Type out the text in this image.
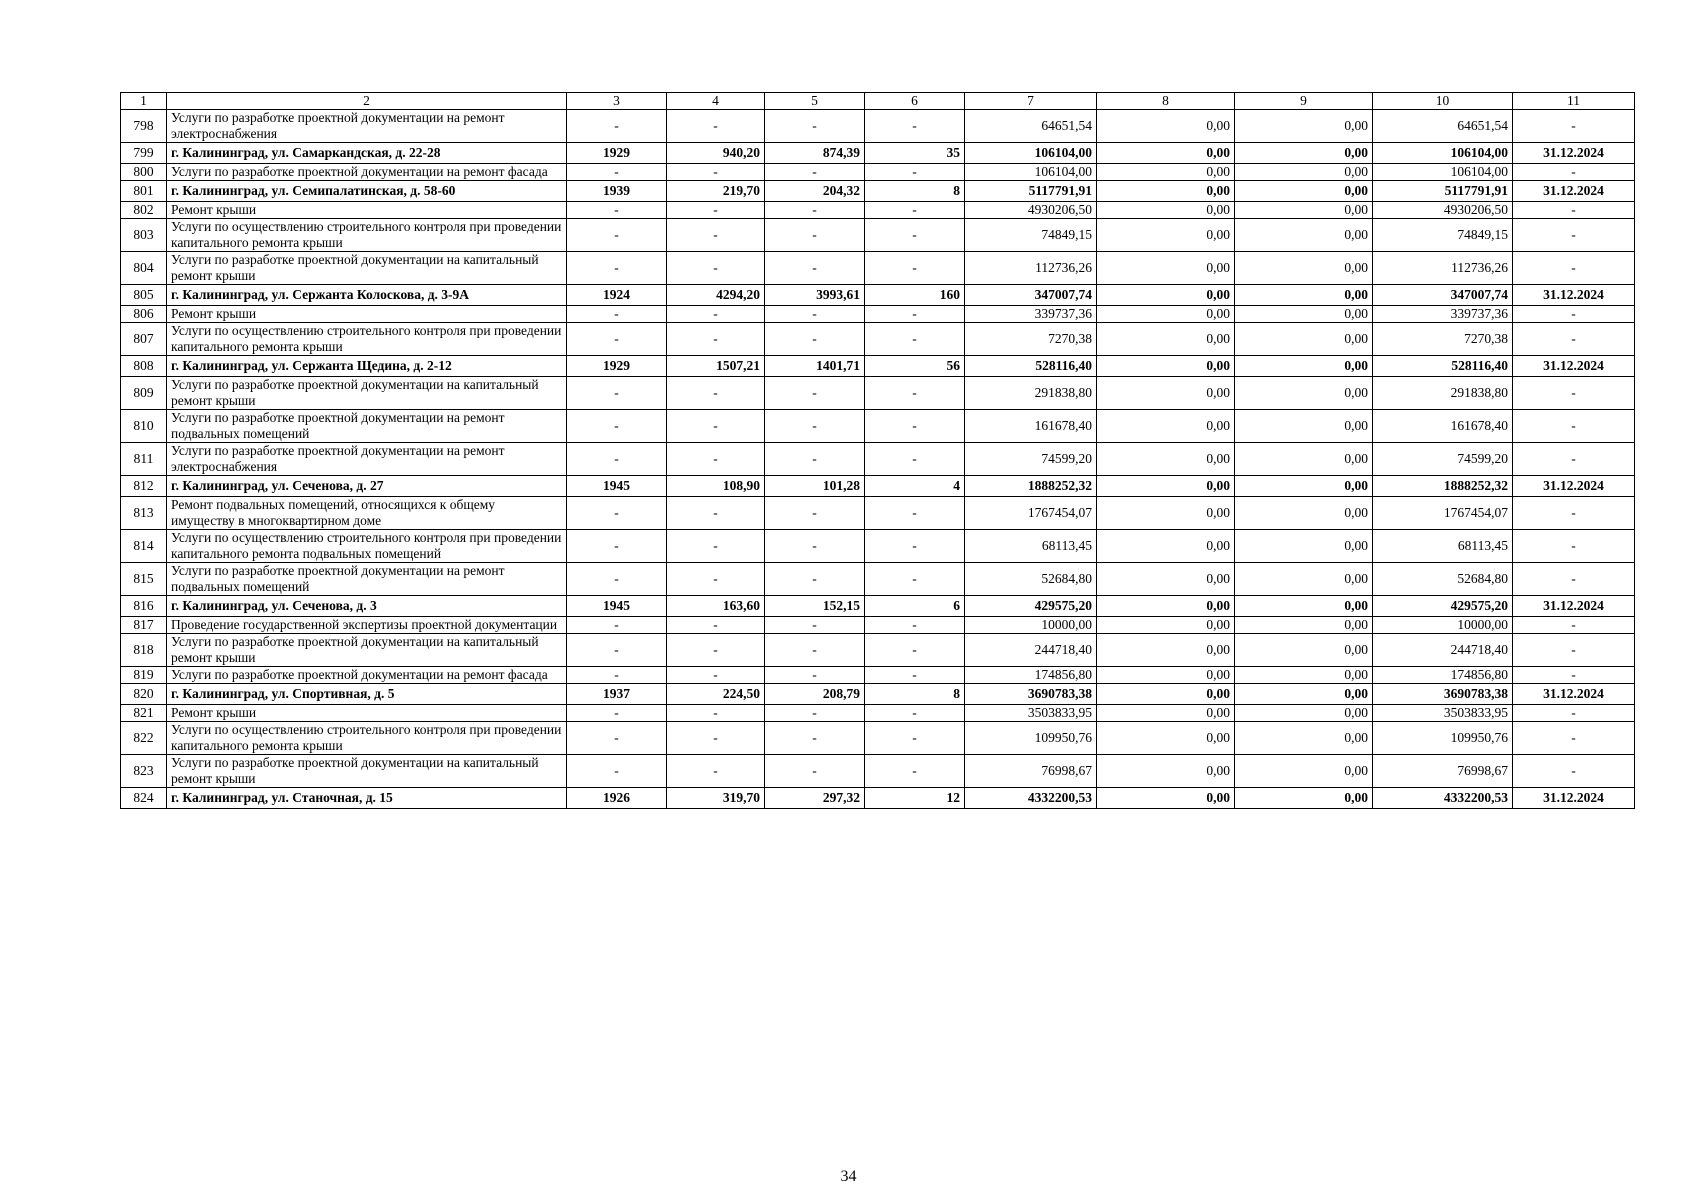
1	2	3	4	5	6	7	8	9	10	11
798	Услуги по разработке проектной документации на ремонт электроснабжения	-	-	-	-	64651,54	0,00	0,00	64651,54	-
799	г. Калининград, ул. Самаркандская, д. 22-28	1929	940,20	874,39	35	106104,00	0,00	0,00	106104,00	31.12.2024
800	Услуги по разработке проектной документации на ремонт фасада	-	-	-	-	106104,00	0,00	0,00	106104,00	-
801	г. Калининград, ул. Семипалатинская, д. 58-60	1939	219,70	204,32	8	5117791,91	0,00	0,00	5117791,91	31.12.2024
802	Ремонт крыши	-	-	-	-	4930206,50	0,00	0,00	4930206,50	-
803	Услуги по осуществлению строительного контроля при проведении капитального ремонта крыши	-	-	-	-	74849,15	0,00	0,00	74849,15	-
804	Услуги по разработке проектной документации на капитальный ремонт крыши	-	-	-	-	112736,26	0,00	0,00	112736,26	-
805	г. Калининград, ул. Сержанта Колоскова, д. 3-9А	1924	4294,20	3993,61	160	347007,74	0,00	0,00	347007,74	31.12.2024
806	Ремонт крыши	-	-	-	-	339737,36	0,00	0,00	339737,36	-
807	Услуги по осуществлению строительного контроля при проведении капитального ремонта крыши	-	-	-	-	7270,38	0,00	0,00	7270,38	-
808	г. Калининград, ул. Сержанта Щедина, д. 2-12	1929	1507,21	1401,71	56	528116,40	0,00	0,00	528116,40	31.12.2024
809	Услуги по разработке проектной документации на капитальный ремонт крыши	-	-	-	-	291838,80	0,00	0,00	291838,80	-
810	Услуги по разработке проектной документации на ремонт подвальных помещений	-	-	-	-	161678,40	0,00	0,00	161678,40	-
811	Услуги по разработке проектной документации на ремонт электроснабжения	-	-	-	-	74599,20	0,00	0,00	74599,20	-
812	г. Калининград, ул. Сеченова, д. 27	1945	108,90	101,28	4	1888252,32	0,00	0,00	1888252,32	31.12.2024
813	Ремонт подвальных помещений, относящихся к общему имуществу в многоквартирном доме	-	-	-	-	1767454,07	0,00	0,00	1767454,07	-
814	Услуги по осуществлению строительного контроля при проведении капитального ремонта подвальных помещений	-	-	-	-	68113,45	0,00	0,00	68113,45	-
815	Услуги по разработке проектной документации на ремонт подвальных помещений	-	-	-	-	52684,80	0,00	0,00	52684,80	-
816	г. Калининград, ул. Сеченова, д. 3	1945	163,60	152,15	6	429575,20	0,00	0,00	429575,20	31.12.2024
817	Проведение государственной экспертизы проектной документации	-	-	-	-	10000,00	0,00	0,00	10000,00	-
818	Услуги по разработке проектной документации на капитальный ремонт крыши	-	-	-	-	244718,40	0,00	0,00	244718,40	-
819	Услуги по разработке проектной документации на ремонт фасада	-	-	-	-	174856,80	0,00	0,00	174856,80	-
820	г. Калининград, ул. Спортивная, д. 5	1937	224,50	208,79	8	3690783,38	0,00	0,00	3690783,38	31.12.2024
821	Ремонт крыши	-	-	-	-	3503833,95	0,00	0,00	3503833,95	-
822	Услуги по осуществлению строительного контроля при проведении капитального ремонта крыши	-	-	-	-	109950,76	0,00	0,00	109950,76	-
823	Услуги по разработке проектной документации на капитальный ремонт крыши	-	-	-	-	76998,67	0,00	0,00	76998,67	-
824	г. Калининград, ул. Станочная, д. 15	1926	319,70	297,32	12	4332200,53	0,00	0,00	4332200,53	31.12.2024
34
